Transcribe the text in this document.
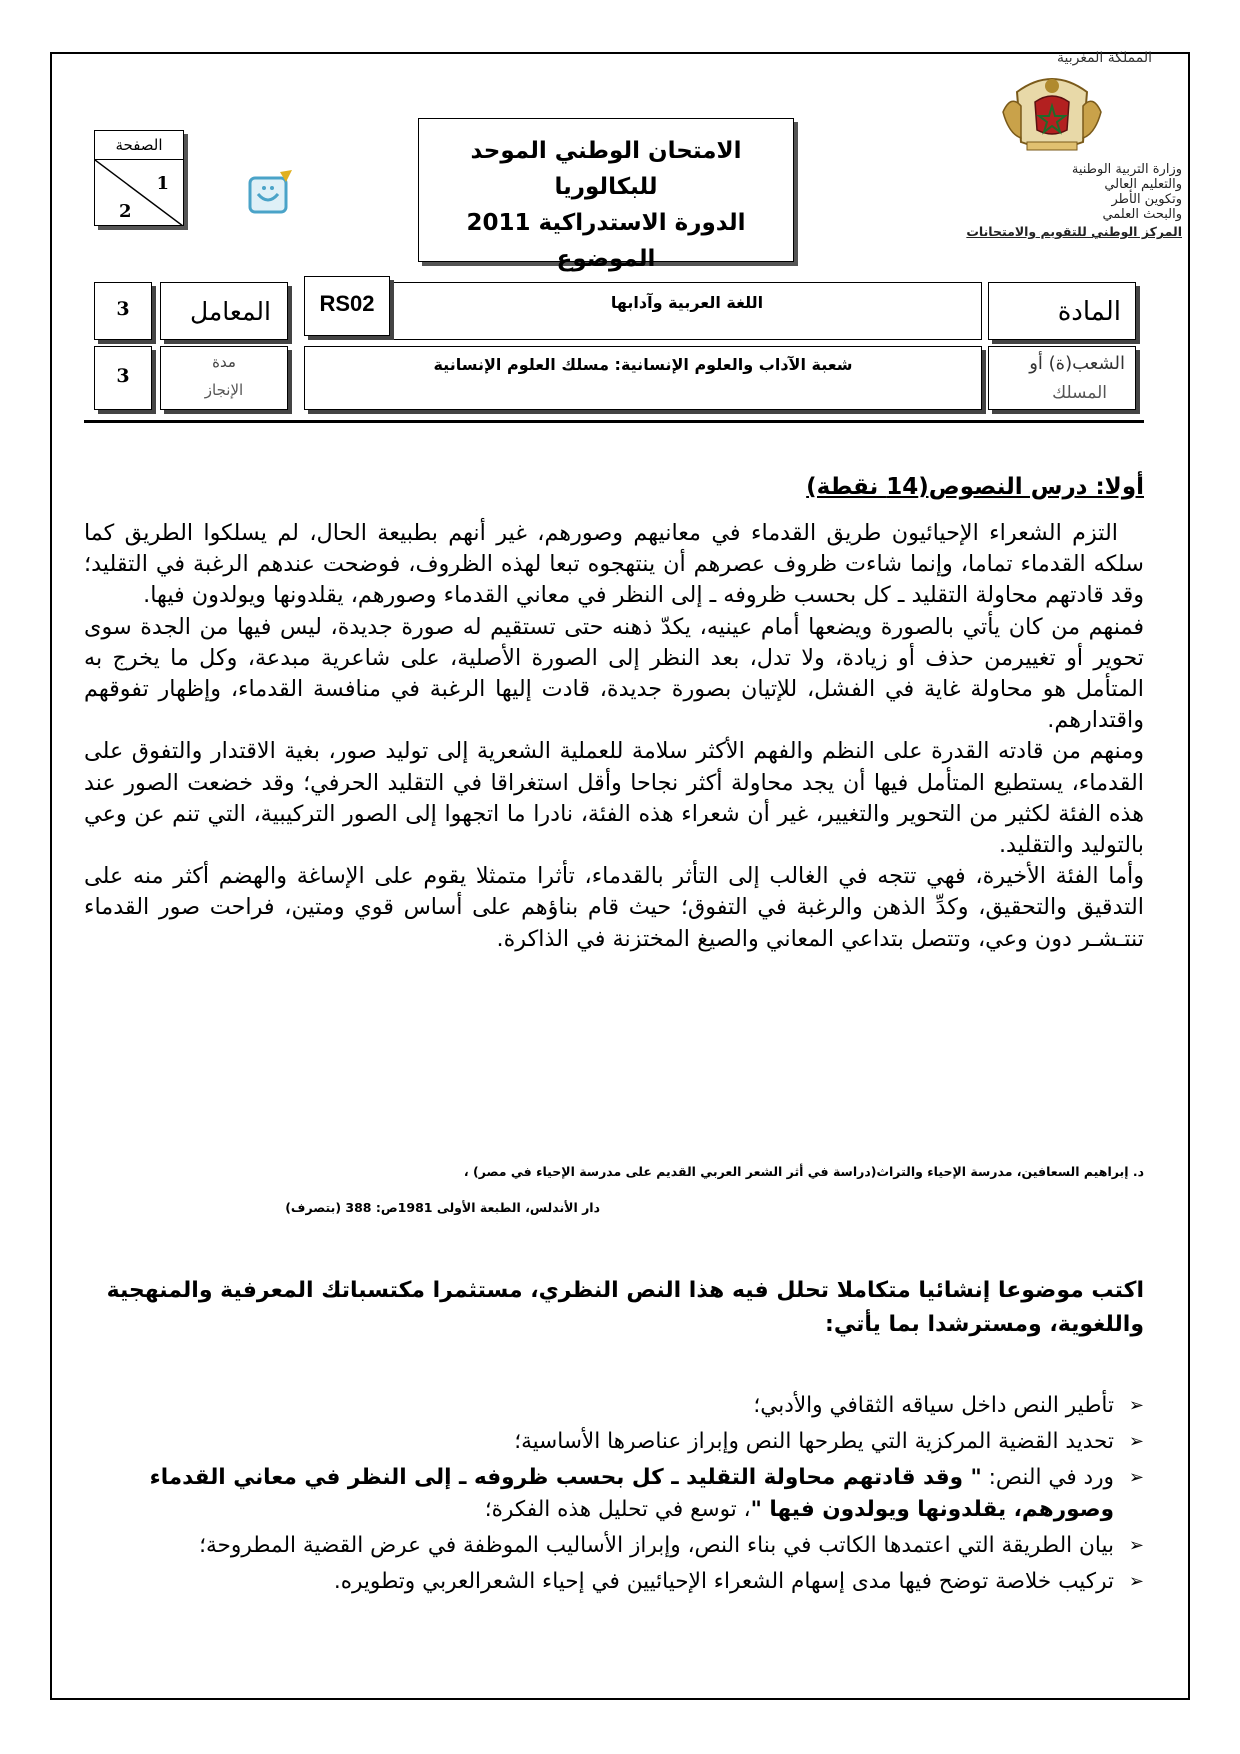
المملكة المغربية
وزارة التربية الوطنية
والتعليم العالي
وتكوين الأطر
والبحث العلمي
المركز الوطني للتقويم والامتحانات
الامتحان الوطني الموحد للبكالوريا
الدورة الاستدراكية 2011
الموضوع
الصفحة
1
2
المادة
اللغة العربية وآدابها
RS02
المعامل
3
الشعب(ة) أو
المسلك
شعبة الآداب والعلوم الإنسانية: مسلك العلوم الإنسانية
مدة
الإنجاز
3
أولا: درس النصوص(14 نقطة)

التزم الشعراء الإحيائيون طريق القدماء في معانيهم وصورهم، غير أنهم بطبيعة الحال، لم يسلكوا الطريق كما سلكه القدماء تماما، وإنما شاءت ظروف عصرهم أن ينتهجوه تبعا لهذه الظروف، فوضحت عندهم الرغبة في التقليد؛ وقد قادتهم محاولة التقليد ـ كل بحسب ظروفه ـ إلى النظر في معاني القدماء وصورهم، يقلدونها ويولدون فيها.

فمنهم من كان يأتي بالصورة ويضعها أمام عينيه، يكدّ ذهنه حتى تستقيم له صورة جديدة، ليس فيها من الجدة سوى تحوير أو تغييرمن حذف أو زيادة، ولا تدل، بعد النظر إلى الصورة الأصلية، على شاعرية مبدعة، وكل ما يخرج به المتأمل هو محاولة غاية في الفشل، للإتيان بصورة جديدة، قادت إليها الرغبة في منافسة القدماء، وإظهار تفوقهم واقتدارهم.

ومنهم من قادته القدرة على النظم والفهم الأكثر سلامة للعملية الشعرية إلى توليد صور، بغية الاقتدار والتفوق على القدماء، يستطيع المتأمل فيها أن يجد محاولة أكثر نجاحا وأقل استغراقا في التقليد الحرفي؛ وقد خضعت الصور عند هذه الفئة لكثير من التحوير والتغيير، غير أن شعراء هذه الفئة، نادرا ما اتجهوا إلى الصور التركيبية، التي تنم عن وعي بالتوليد والتقليد.

وأما الفئة الأخيرة، فهي تتجه في الغالب إلى التأثر بالقدماء، تأثرا متمثلا يقوم على الإساغة والهضم أكثر منه على التدقيق والتحقيق، وكدِّ الذهن والرغبة في التفوق؛ حيث قام بناؤهم على أساس قوي ومتين، فراحت صور القدماء تنتـشـر دون وعي، وتتصل بتداعي المعاني والصيغ المختزنة في الذاكرة.

د. إبراهيم السعافين، مدرسة الإحياء والتراث(دراسة في أثر الشعر العربي القديم على مدرسة الإحياء في مصر) ،
دار الأندلس، الطبعة الأولى 1981ص: 388 (بتصرف)
اكتب موضوعا إنشائيا متكاملا تحلل فيه هذا النص النظري، مستثمرا مكتسباتك المعرفية والمنهجية واللغوية، ومسترشدا بما يأتي:
➢
تأطير النص داخل سياقه الثقافي والأدبي؛
➢
تحديد القضية المركزية التي يطرحها النص وإبراز عناصرها الأساسية؛
➢
ورد في النص: " وقد قادتهم محاولة التقليد ـ كل بحسب ظروفه ـ إلى النظر في معاني القدماء وصورهم، يقلدونها ويولدون فيها "، توسع في تحليل هذه الفكرة؛
➢
بيان الطريقة التي اعتمدها الكاتب في بناء النص، وإبراز الأساليب الموظفة في عرض القضية المطروحة؛
➢
تركيب خلاصة توضح فيها مدى إسهام الشعراء الإحيائيين في إحياء الشعرالعربي وتطويره.
